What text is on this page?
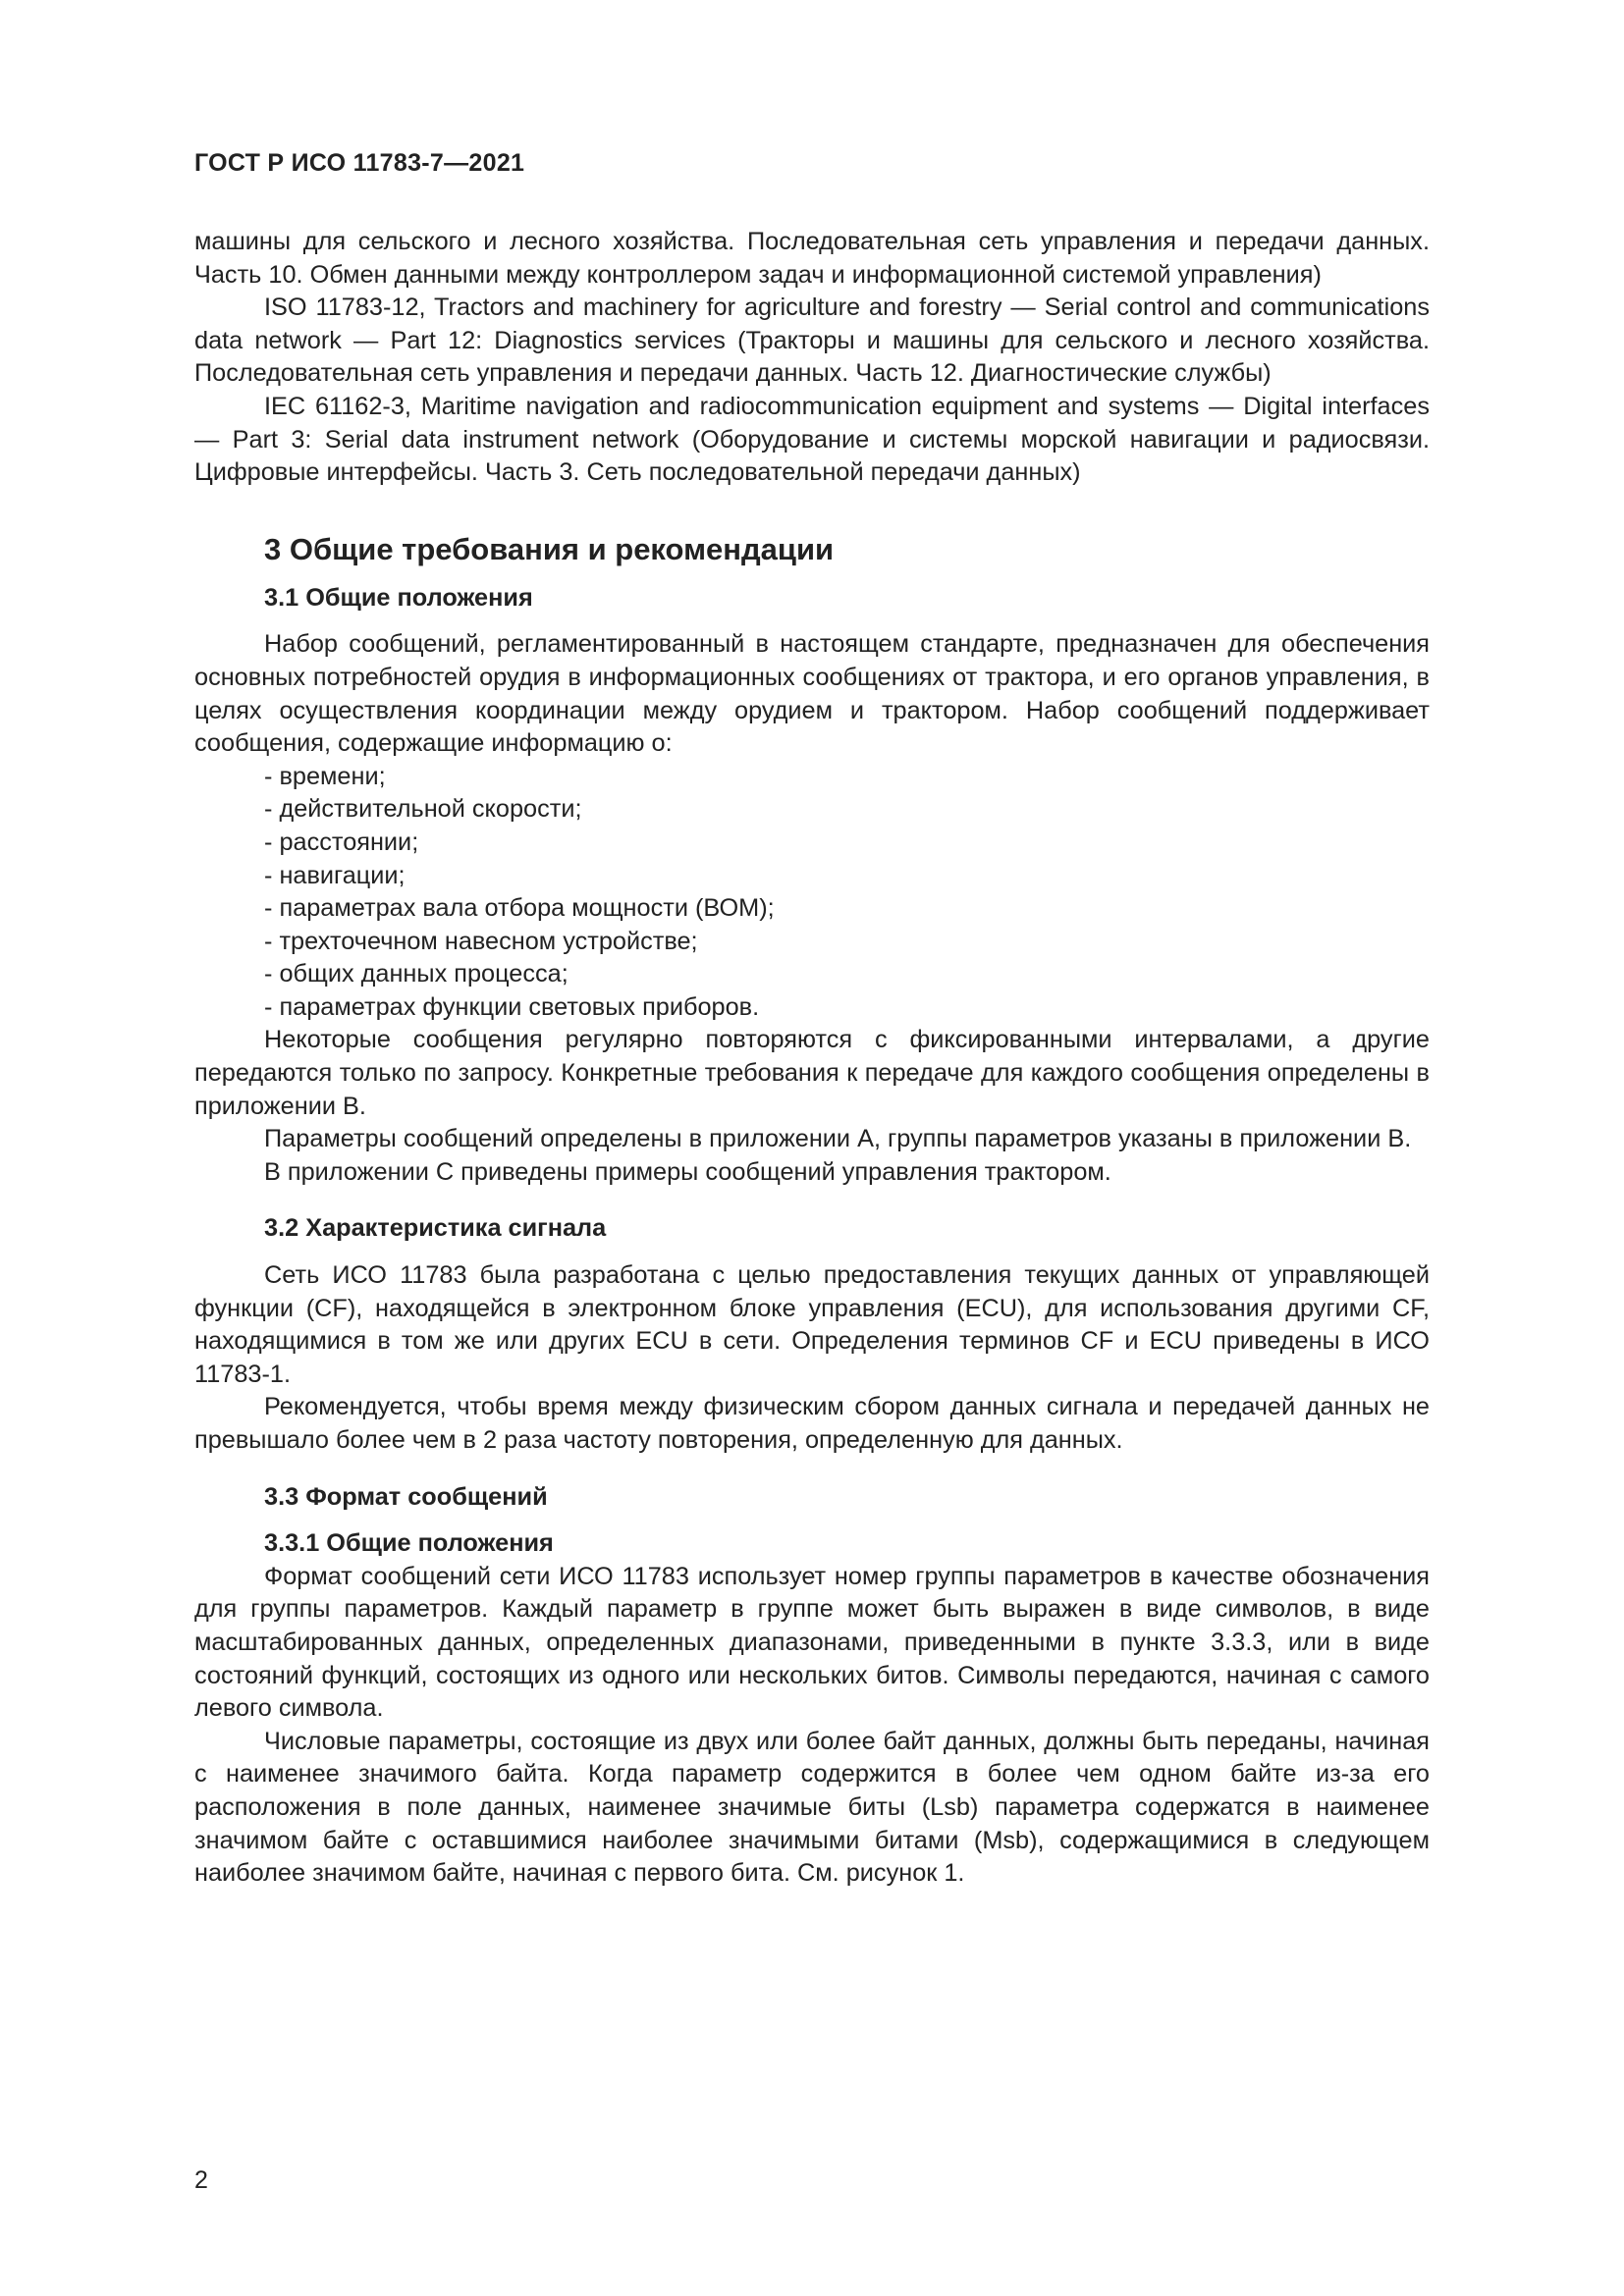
ГОСТ Р ИСО 11783-7—2021

машины для сельского и лесного хозяйства. Последовательная сеть управления и передачи данных. Часть 10. Обмен данными между контроллером задач и информационной системой управления)

ISO 11783-12, Tractors and machinery for agriculture and forestry — Serial control and communications data network — Part 12: Diagnostics services (Тракторы и машины для сельского и лесного хозяйства. Последовательная сеть управления и передачи данных. Часть 12. Диагностические службы)

IEC 61162-3, Maritime navigation and radiocommunication equipment and systems — Digital interfaces — Part 3: Serial data instrument network (Оборудование и системы морской навигации и радиосвязи. Цифровые интерфейсы. Часть 3. Сеть последовательной передачи данных)

3 Общие требования и рекомендации
3.1 Общие положения

Набор сообщений, регламентированный в настоящем стандарте, предназначен для обеспечения основных потребностей орудия в информационных сообщениях от трактора, и его органов управления, в целях осуществления координации между орудием и трактором. Набор сообщений поддерживает сообщения, содержащие информацию о:

- времени;
- действительной скорости;
- расстоянии;
- навигации;
- параметрах вала отбора мощности (ВОМ);
- трехточечном навесном устройстве;
- общих данных процесса;
- параметрах функции световых приборов.

Некоторые сообщения регулярно повторяются с фиксированными интервалами, а другие передаются только по запросу. Конкретные требования к передаче для каждого сообщения определены в приложении В.

Параметры сообщений определены в приложении А, группы параметров указаны в приложении В.

В приложении С приведены примеры сообщений управления трактором.

3.2 Характеристика сигнала

Сеть ИСО 11783 была разработана с целью предоставления текущих данных от управляющей функции (CF), находящейся в электронном блоке управления (ECU), для использования другими CF, находящимися в том же или других ECU в сети. Определения терминов CF и ECU приведены в ИСО 11783-1.

Рекомендуется, чтобы время между физическим сбором данных сигнала и передачей данных не превышало более чем в 2 раза частоту повторения, определенную для данных.

3.3 Формат сообщений
3.3.1 Общие положения

Формат сообщений сети ИСО 11783 использует номер группы параметров в качестве обозначения для группы параметров. Каждый параметр в группе может быть выражен в виде символов, в виде масштабированных данных, определенных диапазонами, приведенными в пункте 3.3.3, или в виде состояний функций, состоящих из одного или нескольких битов. Символы передаются, начиная с самого левого символа.

Числовые параметры, состоящие из двух или более байт данных, должны быть переданы, начиная с наименее значимого байта. Когда параметр содержится в более чем одном байте из-за его расположения в поле данных, наименее значимые биты (Lsb) параметра содержатся в наименее значимом байте с оставшимися наиболее значимыми битами (Msb), содержащимися в следующем наиболее значимом байте, начиная с первого бита. См. рисунок 1.

2
